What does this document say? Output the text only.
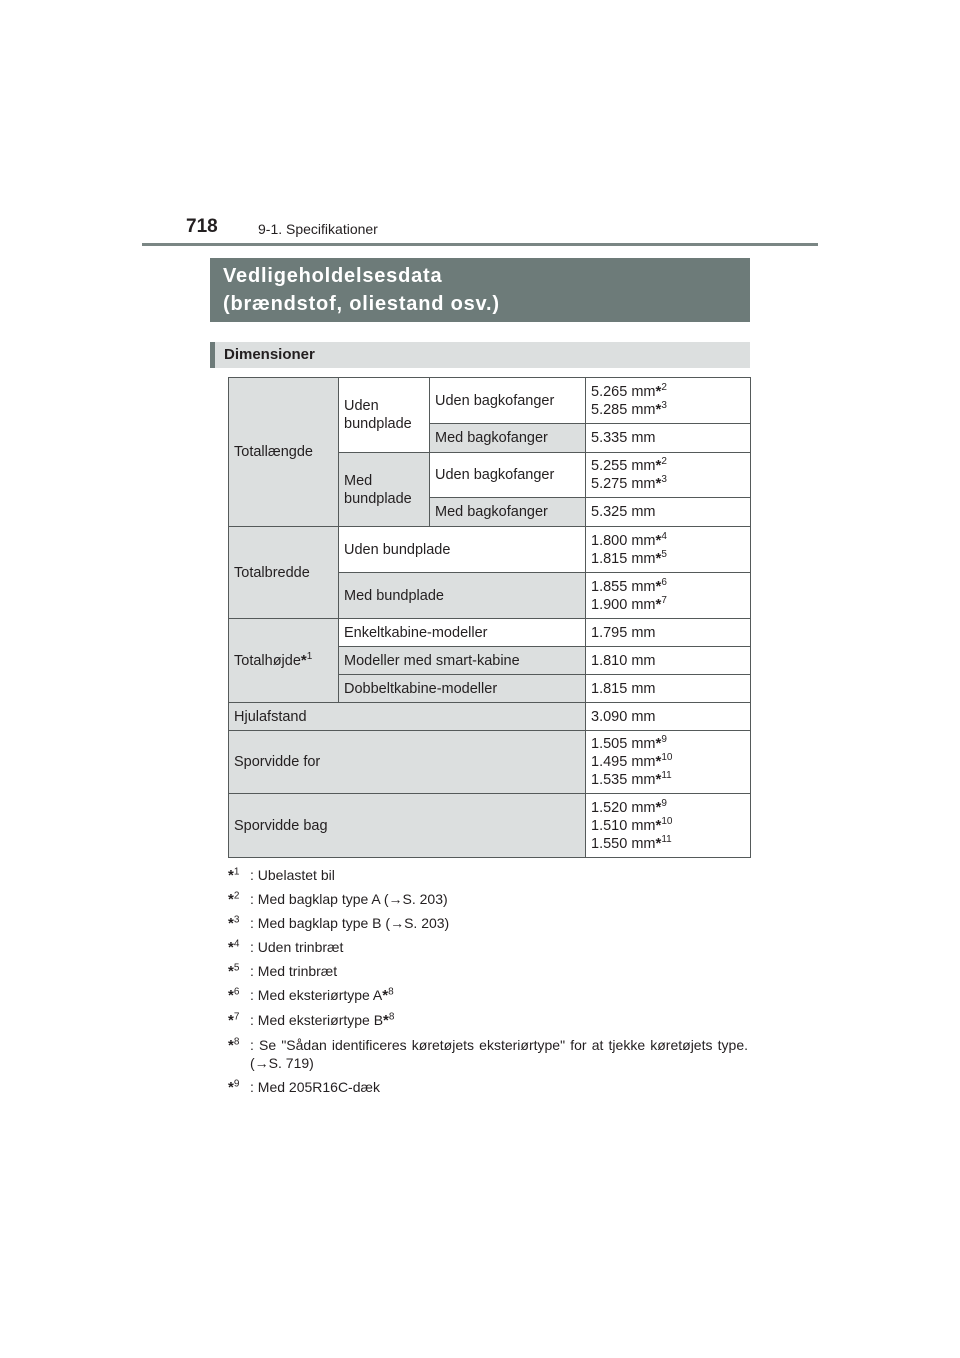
718	9-1. Specifikationer
Vedligeholdelsesdata
(brændstof, oliestand osv.)
Dimensioner
Totallængde	Uden bundplade	Uden bagkofanger	5.265 mm*$^2$
5.285 mm*$^3$
		Med bagkofanger	5.335 mm
	Med bundplade	Uden bagkofanger	5.255 mm*$^2$
5.275 mm*$^3$
		Med bagkofanger	5.325 mm
Totalbredde	Uden bundplade		1.800 mm*$^4$
1.815 mm*$^5$
	Med bundplade		1.855 mm*$^6$
1.900 mm*$^7$
Totalhøjde*$^1$	Enkeltkabine-modeller		1.795 mm
	Modeller med smart-kabine		1.810 mm
	Dobbeltkabine-modeller		1.815 mm
Hjulafstand			3.090 mm
Sporvidde for			1.505 mm*$^9$
1.495 mm*$^{10}$
1.535 mm*$^{11}$
Sporvidde bag			1.520 mm*$^9$
1.510 mm*$^{10}$
1.550 mm*$^{11}$
*$^1$ : Ubelastet bil
*$^2$ : Med bagklap type A (→S. 203)
*$^3$ : Med bagklap type B (→S. 203)
*$^4$ : Uden trinbræt
*$^5$ : Med trinbræt
*$^6$ : Med eksteriørtype A*$^8$
*$^7$ : Med eksteriørtype B*$^8$
*$^8$ : Se "Sådan identificeres køretøjets eksteriørtype" for at tjekke køretøjets type. (→S. 719)
*$^9$ : Med 205R16C-dæk
